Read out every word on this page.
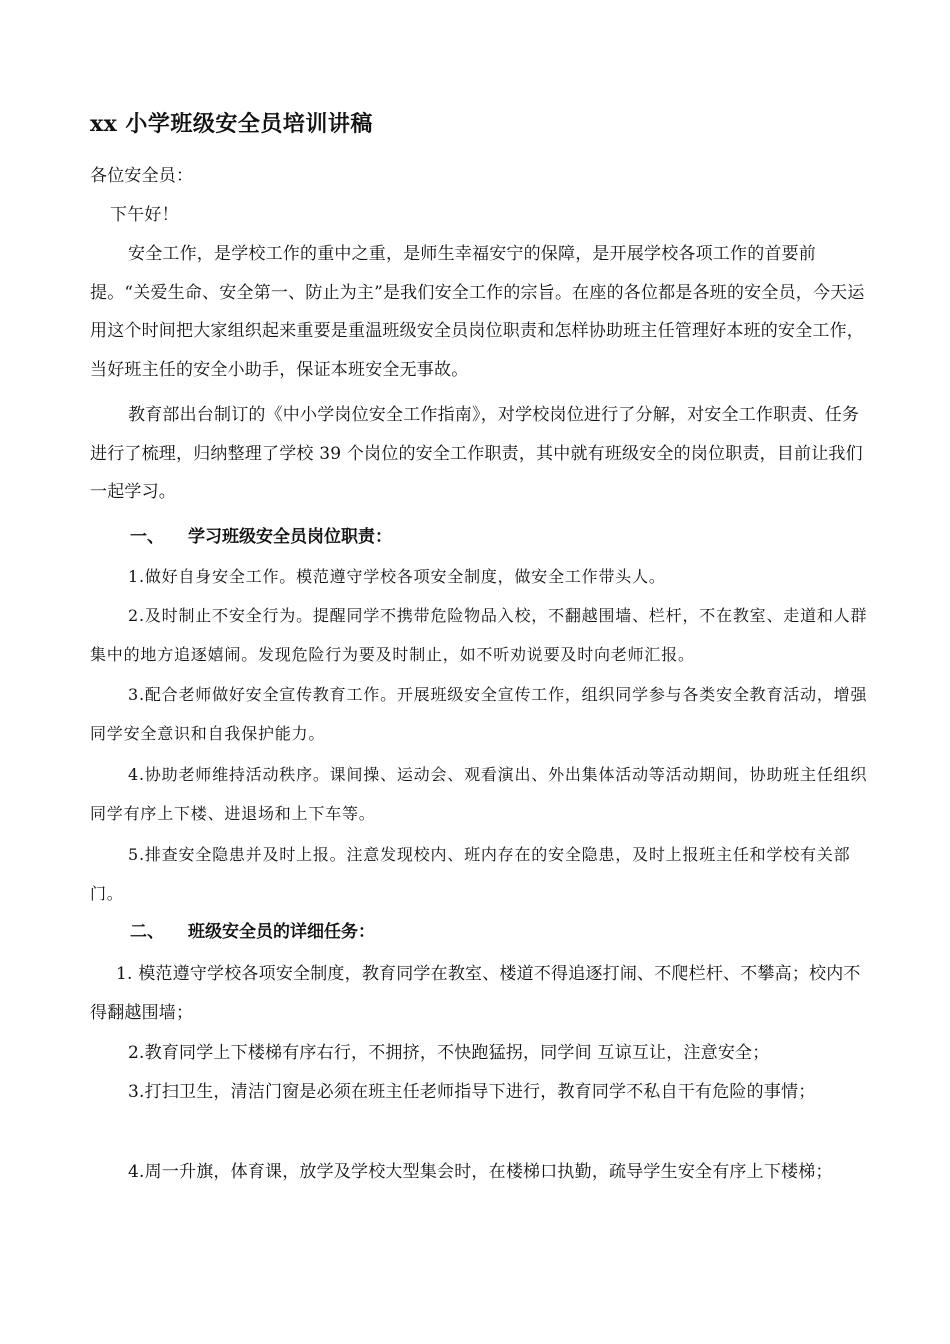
xx 小学班级安全员培训讲稿

各位安全员：

下午好！

安全工作，是学校工作的重中之重，是师生幸福安宁的保障，是开展学校各项工作的首要前提。“关爱生命、安全第一、防止为主”是我们安全工作的宗旨。在座的各位都是各班的安全员，今天运用这个时间把大家组织起来重要是重温班级安全员岗位职责和怎样协助班主任管理好本班的安全工作，当好班主任的安全小助手，保证本班安全无事故。

教育部出台制订的《中小学岗位安全工作指南》，对学校岗位进行了分解，对安全工作职责、任务进行了梳理，归纳整理了学校 39 个岗位的安全工作职责，其中就有班级安全的岗位职责，目前让我们一起学习。

一、 学习班级安全员岗位职责：

1.做好自身安全工作。模范遵守学校各项安全制度，做安全工作带头人。

2.及时制止不安全行为。提醒同学不携带危险物品入校，不翻越围墙、栏杆，不在教室、走道和人群集中的地方追逐嬉闹。发现危险行为要及时制止，如不听劝说要及时向老师汇报。

3.配合老师做好安全宣传教育工作。开展班级安全宣传工作，组织同学参与各类安全教育活动，增强同学安全意识和自我保护能力。

4.协助老师维持活动秩序。课间操、运动会、观看演出、外出集体活动等活动期间，协助班主任组织同学有序上下楼、进退场和上下车等。

5.排查安全隐患并及时上报。注意发现校内、班内存在的安全隐患，及时上报班主任和学校有关部门。

二、 班级安全员的详细任务：

1. 模范遵守学校各项安全制度，教育同学在教室、楼道不得追逐打闹、不爬栏杆、不攀高；校内不得翻越围墙；

2.教育同学上下楼梯有序右行，不拥挤，不快跑猛拐，同学间 互谅互让，注意安全；

3.打扫卫生，清洁门窗是必须在班主任老师指导下进行，教育同学不私自干有危险的事情；

4.周一升旗，体育课，放学及学校大型集会时，在楼梯口执勤，疏导学生安全有序上下楼梯；
